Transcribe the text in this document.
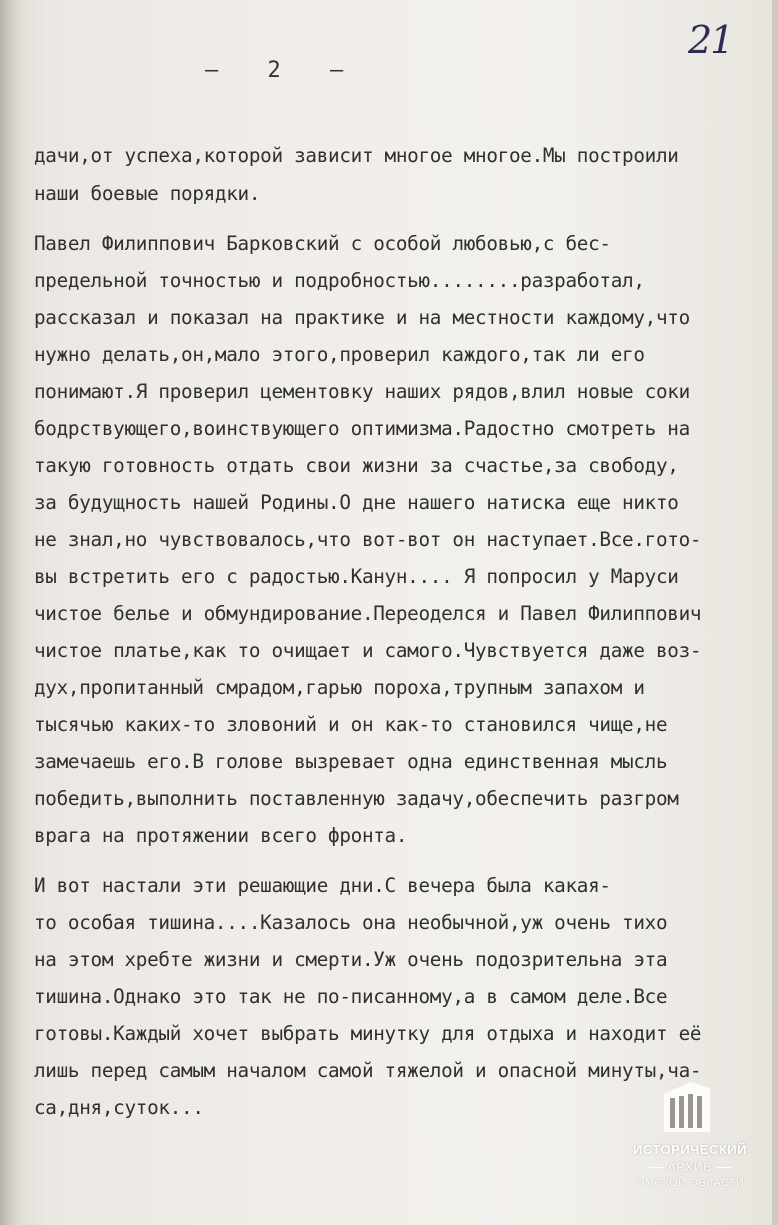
21
– 2 –
дачи,от успеха,которой зависит многое многое.Мы построили
наши боевые порядки.
Павел Филиппович Барковский с особой любовью,с бес-
предельной точностью и подробностью........разработал,
рассказал и показал на практике и на местности каждому,что
нужно делать,он,мало этого,проверил каждого,так ли его
понимают.Я проверил цементовку наших рядов,влил новые соки
бодрствующего,воинствующего оптимизма.Радостно смотреть на
такую готовность отдать свои жизни за счастье,за свободу,
за будущность нашей Родины.О дне нашего натиска еще никто
не знал,но чувствовалось,что вот-вот он наступает.Все.гото-
вы встретить его с радостью.Канун.... Я попросил у Маруси
чистое белье и обмундирование.Переоделся и Павел Филиппович
чистое платье,как то очищает и самого.Чувствуется даже воз-
дух,пропитанный смрадом,гарью пороха,трупным запахом и
тысячью каких-то зловоний и он как-то становился чище,не
замечаешь его.В голове вызревает одна единственная мысль
победить,выполнить поставленную задачу,обеспечить разгром
врага на протяжении всего фронта.
И вот настали эти решающие дни.С вечера была какая-
то особая тишина....Казалось она необычной,уж очень тихо
на этом хребте жизни и смерти.Уж очень подозрительна эта
тишина.Однако это так не по-писанному,а в самом деле.Все
готовы.Каждый хочет выбрать минутку для отдыха и находит её
лишь перед самым началом самой тяжелой и опасной минуты,ча-
са,дня,суток...
ИСТОРИЧЕСКИЙ
АРХИВ
ОМСКОЙ ОБЛАСТИ
